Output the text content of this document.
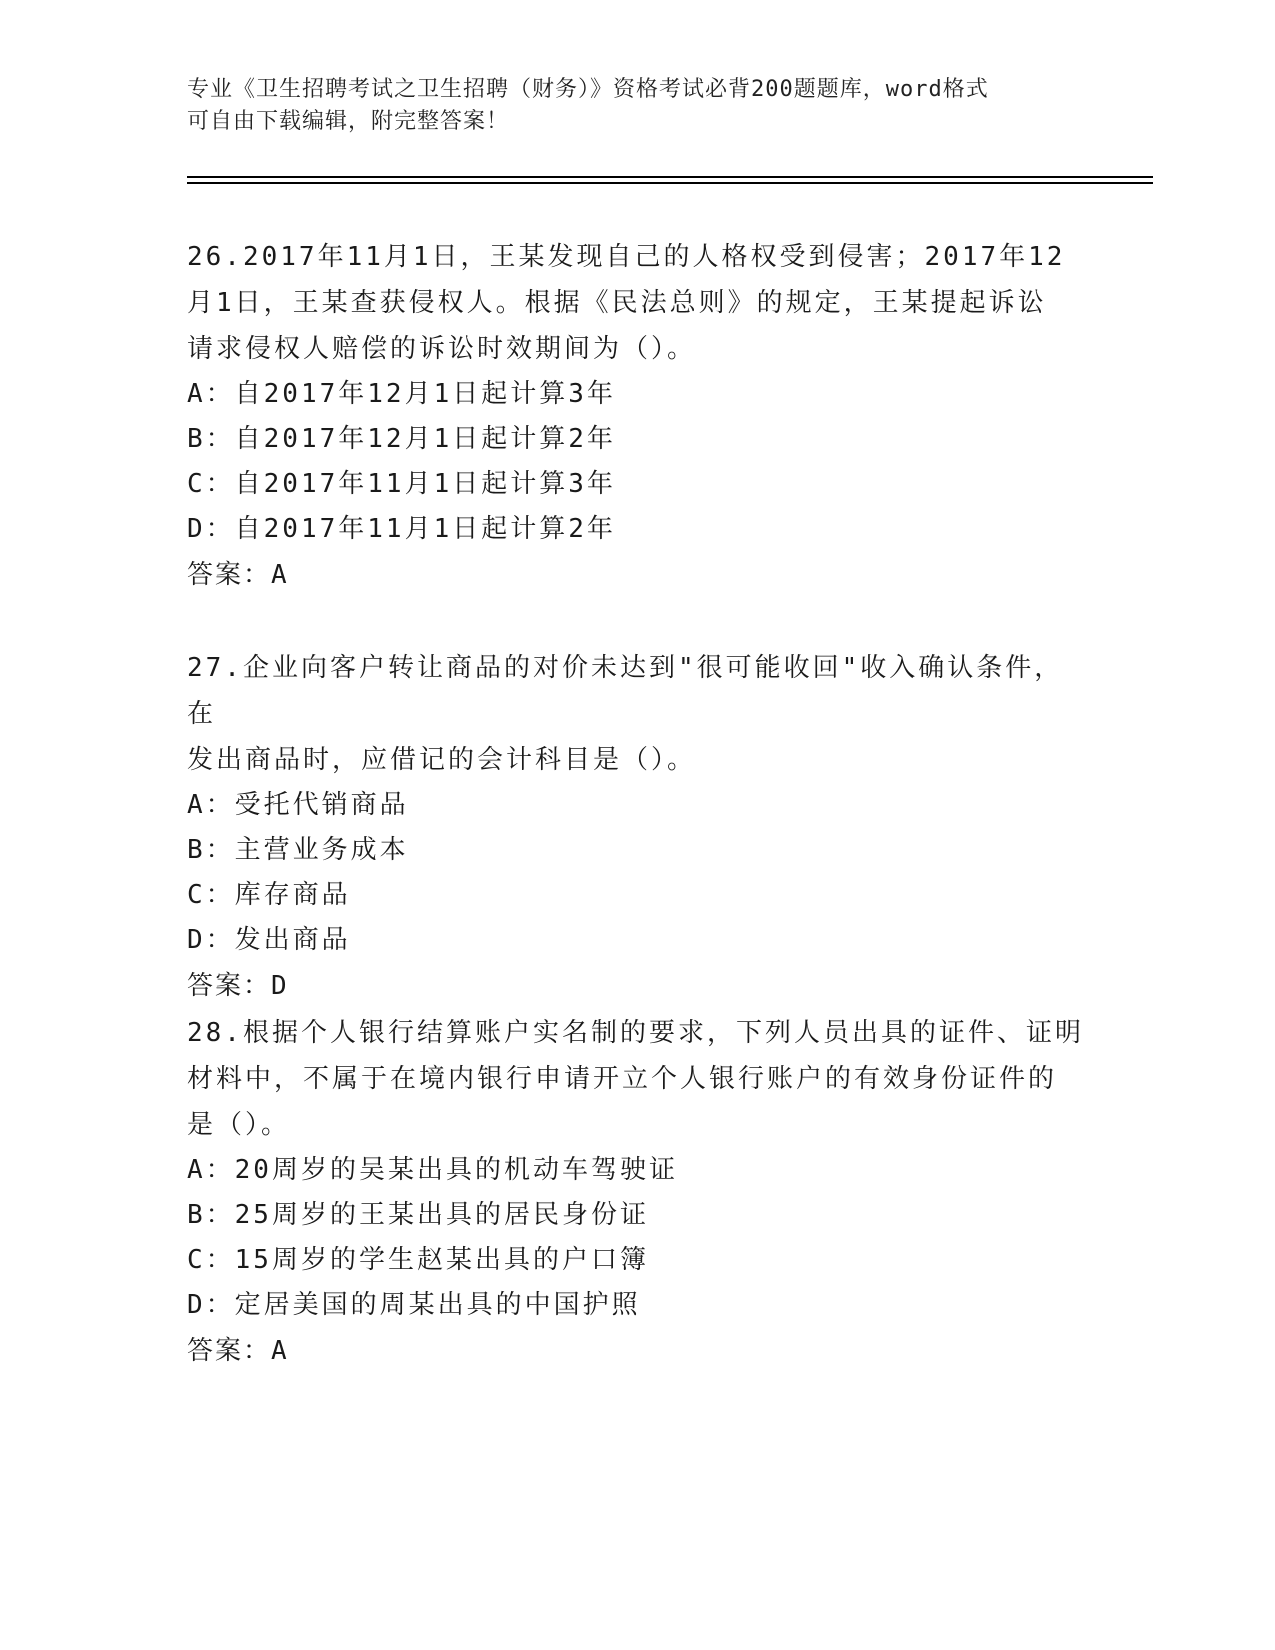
专业《卫生招聘考试之卫生招聘（财务）》资格考试必背200题题库，word格式
可自由下载编辑，附完整答案！
26.2017年11月1日，王某发现自己的人格权受到侵害；2017年12
月1日，王某查获侵权人。根据《民法总则》的规定，王某提起诉讼
请求侵权人赔偿的诉讼时效期间为（）。
A：自2017年12月1日起计算3年
B：自2017年12月1日起计算2年
C：自2017年11月1日起计算3年
D：自2017年11月1日起计算2年
答案：A
27.企业向客户转让商品的对价未达到"很可能收回"收入确认条件，在
发出商品时，应借记的会计科目是（）。
A：受托代销商品
B：主营业务成本
C：库存商品
D：发出商品
答案：D
28.根据个人银行结算账户实名制的要求，下列人员出具的证件、证明
材料中，不属于在境内银行申请开立个人银行账户的有效身份证件的
是（）。
A：20周岁的吴某出具的机动车驾驶证
B：25周岁的王某出具的居民身份证
C：15周岁的学生赵某出具的户口簿
D：定居美国的周某出具的中国护照
答案：A
